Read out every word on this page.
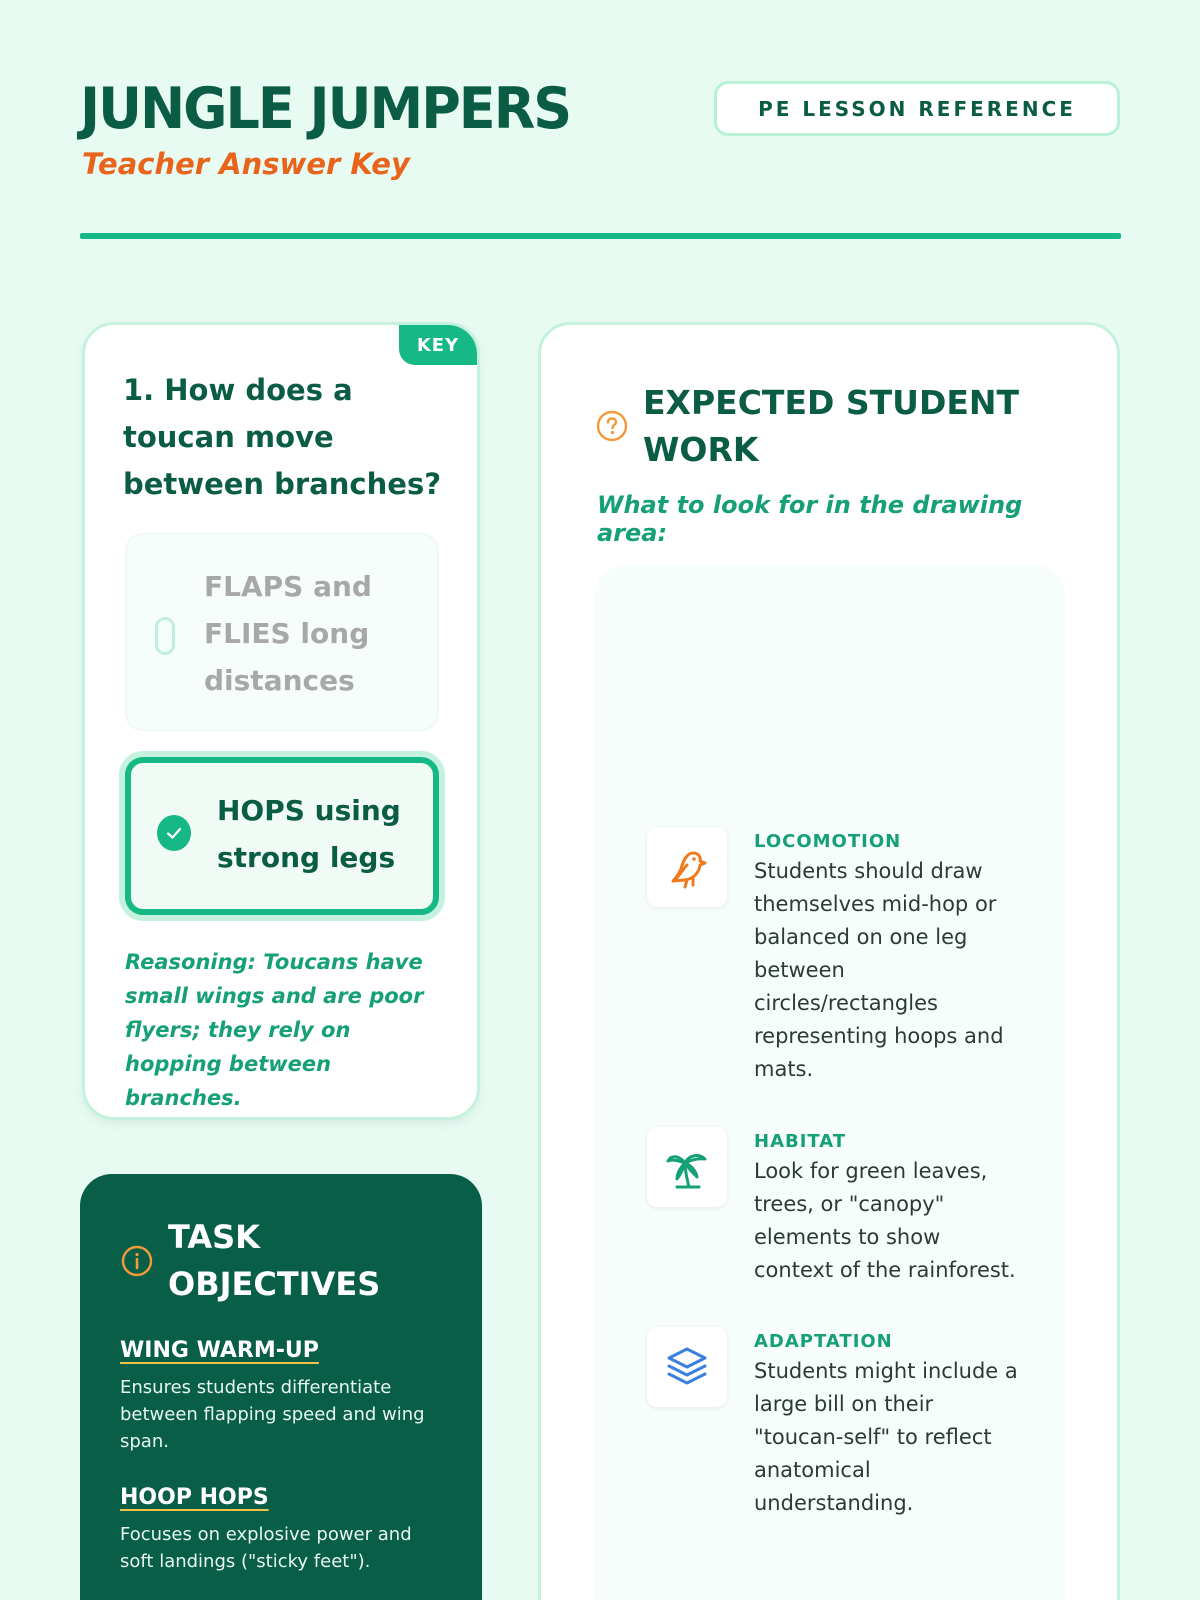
JUNGLE JUMPERS
Teacher Answer Key
PE LESSON REFERENCE
KEY
1. How does a toucan move between branches?
FLAPS and FLIES long distances
HOPS using strong legs
Reasoning: Toucans have small wings and are poor flyers; they rely on hopping between branches.
TASK OBJECTIVES
WING WARM-UP
Ensures students differentiate between flapping speed and wing span.
HOOP HOPS
Focuses on explosive power and soft landings ("sticky feet").
EXPECTED STUDENT WORK
What to look for in the drawing area:
LOCOMOTION
Students should draw themselves mid-hop or balanced on one leg between circles/rectangles representing hoops and mats.
HABITAT
Look for green leaves, trees, or "canopy" elements to show context of the rainforest.
ADAPTATION
Students might include a large bill on their "toucan-self" to reflect anatomical understanding.
